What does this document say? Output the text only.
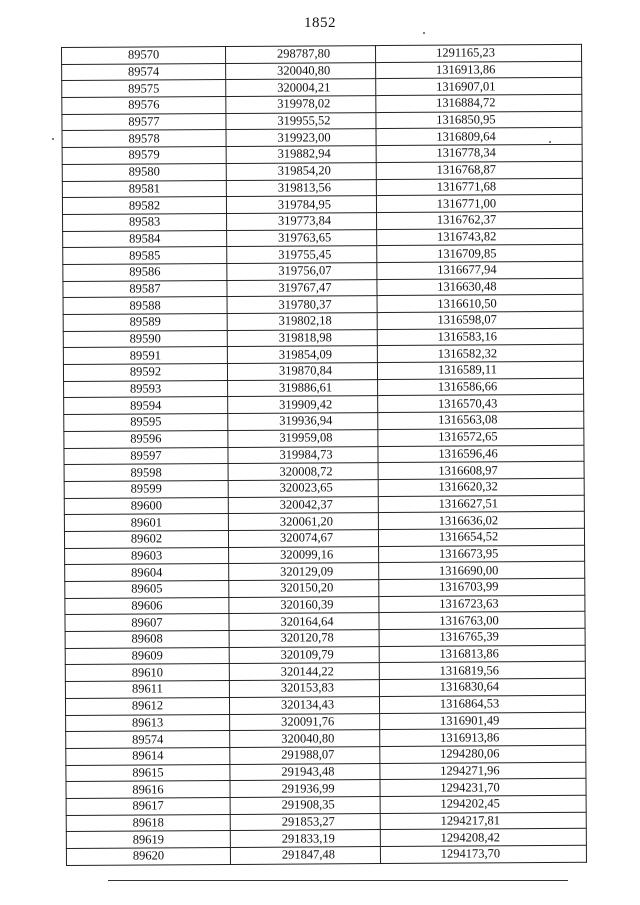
1852
89570	298787,80	1291165,23
89574	320040,80	1316913,86
89575	320004,21	1316907,01
89576	319978,02	1316884,72
89577	319955,52	1316850,95
89578	319923,00	1316809,64
89579	319882,94	1316778,34
89580	319854,20	1316768,87
89581	319813,56	1316771,68
89582	319784,95	1316771,00
89583	319773,84	1316762,37
89584	319763,65	1316743,82
89585	319755,45	1316709,85
89586	319756,07	1316677,94
89587	319767,47	1316630,48
89588	319780,37	1316610,50
89589	319802,18	1316598,07
89590	319818,98	1316583,16
89591	319854,09	1316582,32
89592	319870,84	1316589,11
89593	319886,61	1316586,66
89594	319909,42	1316570,43
89595	319936,94	1316563,08
89596	319959,08	1316572,65
89597	319984,73	1316596,46
89598	320008,72	1316608,97
89599	320023,65	1316620,32
89600	320042,37	1316627,51
89601	320061,20	1316636,02
89602	320074,67	1316654,52
89603	320099,16	1316673,95
89604	320129,09	1316690,00
89605	320150,20	1316703,99
89606	320160,39	1316723,63
89607	320164,64	1316763,00
89608	320120,78	1316765,39
89609	320109,79	1316813,86
89610	320144,22	1316819,56
89611	320153,83	1316830,64
89612	320134,43	1316864,53
89613	320091,76	1316901,49
89574	320040,80	1316913,86
89614	291988,07	1294280,06
89615	291943,48	1294271,96
89616	291936,99	1294231,70
89617	291908,35	1294202,45
89618	291853,27	1294217,81
89619	291833,19	1294208,42
89620	291847,48	1294173,70
